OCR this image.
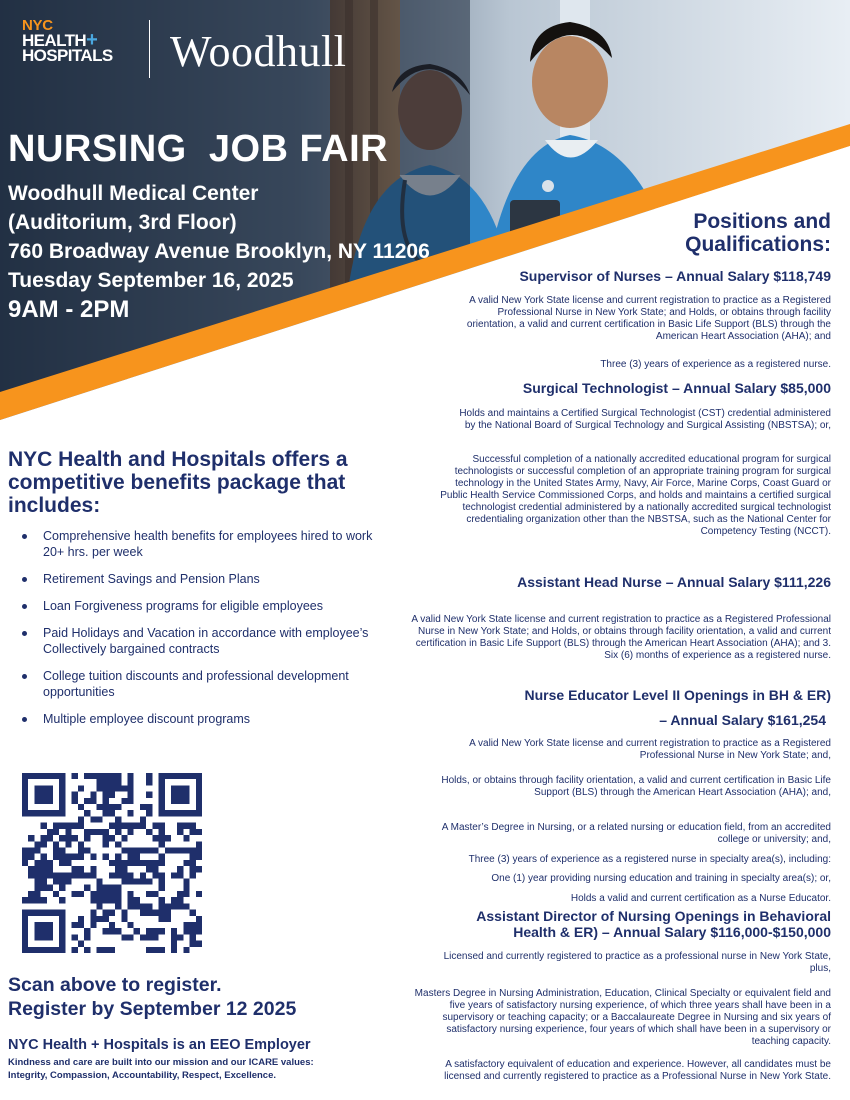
NYC
HEALTH+
HOSPITALS Woodhull
NURSING  JOB FAIR
Woodhull Medical Center
(Auditorium, 3rd Floor)
760 Broadway Avenue Brooklyn, NY 11206
Tuesday September 16, 2025
9AM - 2PM
NYC Health and Hospitals offers a competitive benefits package that includes:
Comprehensive health benefits for employees hired to work 20+ hrs. per week
Retirement Savings and Pension Plans
Loan Forgiveness programs for eligible employees
Paid Holidays and Vacation in accordance with employee’s Collectively bargained contracts
College tuition discounts and professional development opportunities
Multiple employee discount programs
Scan above to register.
Register by September 12 2025
NYC Health + Hospitals is an EEO Employer
Kindness and care are built into our mission and our ICARE values:
Integrity, Compassion, Accountability, Respect, Excellence.
Positions and
Qualifications:
Supervisor of Nurses – Annual Salary $118,749
A valid New York State license and current registration to practice as a Registered Professional Nurse in New York State; and Holds, or obtains through facility orientation, a valid and current certification in Basic Life Support (BLS) through the American Heart Association (AHA); and
Three (3) years of experience as a registered nurse.
Surgical Technologist – Annual Salary $85,000
Holds and maintains a Certified Surgical Technologist (CST) credential administered by the National Board of Surgical Technology and Surgical Assisting (NBSTSA); or,
Successful completion of a nationally accredited educational program for surgical technologists or successful completion of an appropriate training program for surgical technology in the United States Army, Navy, Air Force, Marine Corps, Coast Guard or Public Health Service Commissioned Corps, and holds and maintains a certified surgical technologist credential administered by a nationally accredited surgical technologist credentialing organization other than the NBSTSA, such as the National Center for Competency Testing (NCCT).
Assistant Head Nurse – Annual Salary $111,226
A valid New York State license and current registration to practice as a Registered Professional Nurse in New York State; and Holds, or obtains through facility orientation, a valid and current certification in Basic Life Support (BLS) through the American Heart Association (AHA); and 3. Six (6) months of experience as a registered nurse.
Nurse Educator Level II Openings in BH & ER)
– Annual Salary $161,254
A valid New York State license and current registration to practice as a Registered Professional Nurse in New York State; and,
Holds, or obtains through facility orientation, a valid and current certification in Basic Life Support (BLS) through the American Heart Association (AHA); and,
A Master’s Degree in Nursing, or a related nursing or education field, from an accredited college or university; and,
Three (3) years of experience as a registered nurse in specialty area(s), including:
One (1) year providing nursing education and training in specialty area(s); or,
Holds a valid and current certification as a Nurse Educator.
Assistant Director of Nursing Openings in Behavioral
Health & ER) – Annual Salary $116,000-$150,000
Licensed and currently registered to practice as a professional nurse in New York State, plus,
Masters Degree in Nursing Administration, Education, Clinical Specialty or equivalent field and five years of satisfactory nursing experience, of which three years shall have been in a supervisory or teaching capacity; or a Baccalaureate Degree in Nursing and six years of satisfactory nursing experience, four years of which shall have been in a supervisory or teaching capacity.
A satisfactory equivalent of education and experience. However, all candidates must be licensed and currently registered to practice as a Professional Nurse in New York State.
